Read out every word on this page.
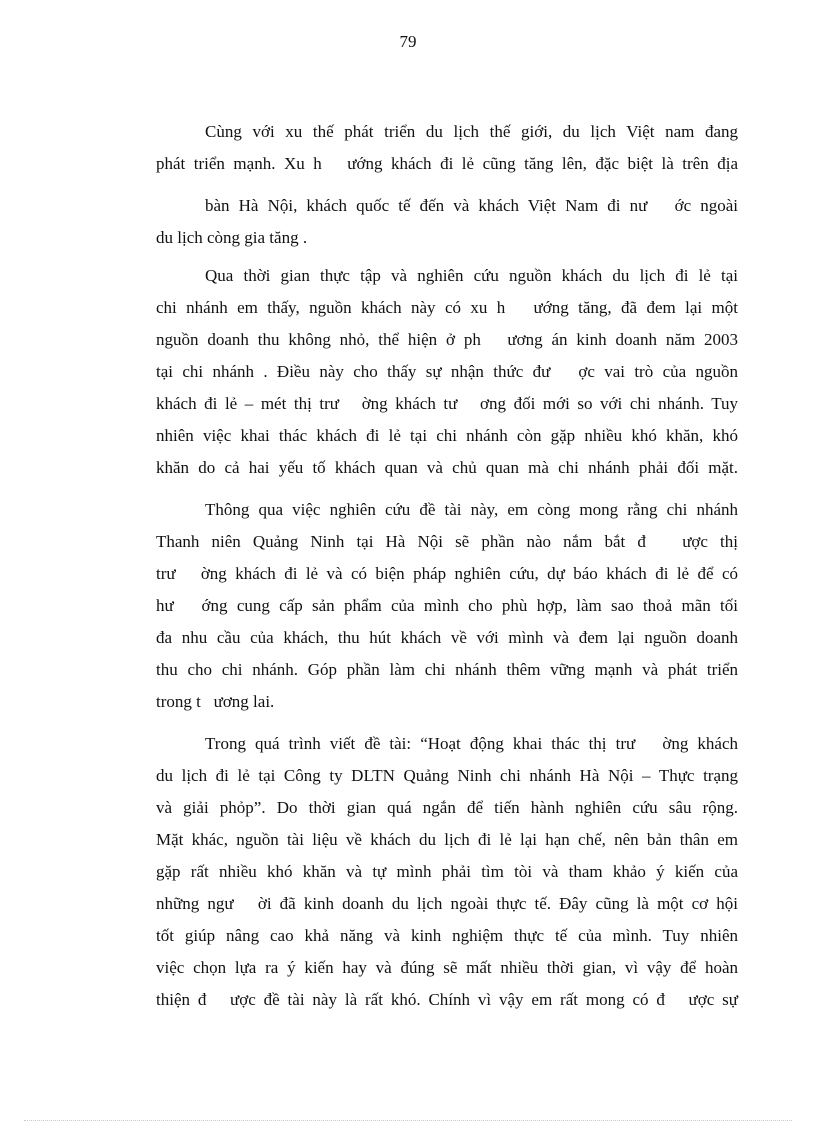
79
Cùng với xu thế phát triển du lịch thế giới, du lịch Việt nam đang
phát triển mạnh. Xu h   ướng khách đi lẻ cũng tăng lên, đặc biệt là trên địa
bàn Hà Nội, khách quốc tế đến và khách Việt Nam đi nư   ớc ngoài
du lịch còng gia tăng .
Qua thời gian thực tập và nghiên cứu nguồn khách du lịch đi lẻ tại
chi nhánh em thấy, nguồn khách này có xu h   ướng tăng, đã đem lại một
nguồn doanh thu không nhỏ, thể hiện ở ph   ương án kinh doanh năm 2003
tại chi nhánh . Điều này cho thấy sự nhận thức đư   ợc vai trò của nguồn
khách đi lẻ – mét thị trư   ờng khách tư   ơng đối mới so với chi nhánh. Tuy
nhiên việc khai thác khách đi lẻ tại chi nhánh còn gặp nhiều khó khăn, khó
khăn do cả hai yếu tố khách quan và chủ quan mà chi nhánh phải đối mặt.
Thông qua việc nghiên cứu đề tài này, em còng mong rằng chi nhánh
Thanh niên Quảng Ninh tại Hà Nội sẽ phần nào nắm bắt đ   ược thị
trư   ờng khách đi lẻ và có biện pháp nghiên cứu, dự báo khách đi lẻ để có
hư   ớng cung cấp sản phẩm của mình cho phù hợp, làm sao thoả mãn tối
đa nhu cầu của khách, thu hút khách về với mình và đem lại nguồn doanh
thu cho chi nhánh. Góp phần làm chi nhánh thêm vững mạnh và phát triển
trong t   ương lai.
Trong quá trình viết đề tài: “Hoạt động khai thác thị trư   ờng khách
du lịch đi lẻ tại Công ty DLTN Quảng Ninh chi nhánh Hà Nội – Thực trạng
và giải phỏp”. Do thời gian quá ngắn để tiến hành nghiên cứu sâu rộng.
Mặt khác, nguồn tài liệu về khách du lịch đi lẻ lại hạn chế, nên bản thân em
gặp rất nhiều khó khăn và tự mình phải tìm tòi và tham khảo ý kiến của
những ngư   ời đã kinh doanh du lịch ngoài thực tế. Đây cũng là một cơ hội
tốt giúp nâng cao khả năng và kinh nghiệm thực tế của mình. Tuy nhiên
việc chọn lựa ra ý kiến hay và đúng sẽ mất nhiều thời gian, vì vậy để hoàn
thiện đ   ược đề tài này là rất khó. Chính vì vậy em rất mong có đ   ược sự
